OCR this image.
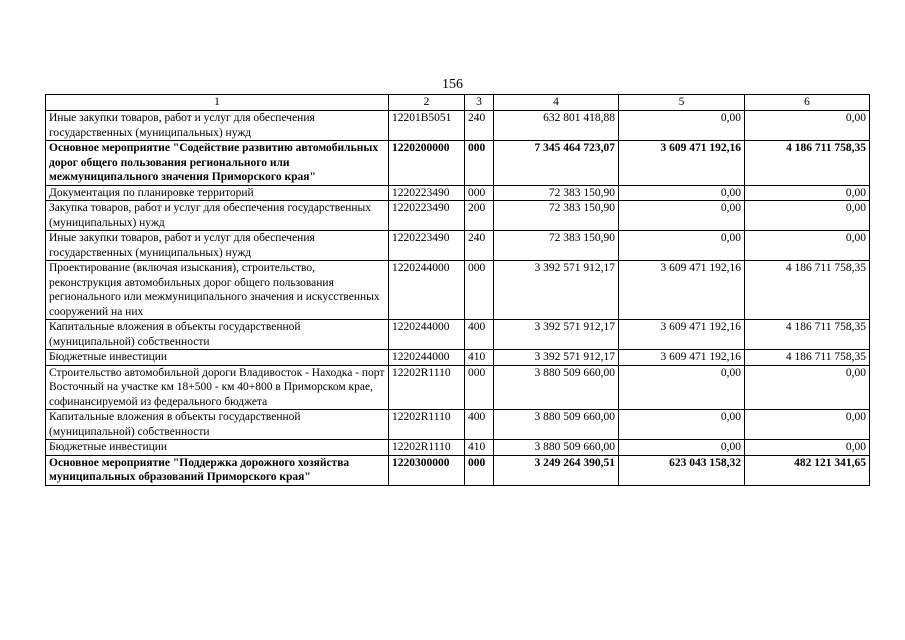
156
1	2	3	4	5	6
Иные закупки товаров, работ и услуг для обеспечения государственных (муниципальных) нужд	12201B5051	240	632 801 418,88	0,00	0,00
Основное мероприятие "Содействие развитию автомобильных дорог общего пользования регионального или межмуниципального значения Приморского края"	1220200000	000	7 345 464 723,07	3 609 471 192,16	4 186 711 758,35
Документация по планировке территорий	1220223490	000	72 383 150,90	0,00	0,00
Закупка товаров, работ и услуг для обеспечения государственных (муниципальных) нужд	1220223490	200	72 383 150,90	0,00	0,00
Иные закупки товаров, работ и услуг для обеспечения государственных (муниципальных) нужд	1220223490	240	72 383 150,90	0,00	0,00
Проектирование (включая изыскания), строительство, реконструкция автомобильных дорог общего пользования регионального или межмуниципального значения и искусственных сооружений на них	1220244000	000	3 392 571 912,17	3 609 471 192,16	4 186 711 758,35
Капитальные вложения в объекты государственной (муниципальной) собственности	1220244000	400	3 392 571 912,17	3 609 471 192,16	4 186 711 758,35
Бюджетные инвестиции	1220244000	410	3 392 571 912,17	3 609 471 192,16	4 186 711 758,35
Строительство автомобильной дороги Владивосток - Находка - порт Восточный на участке км 18+500 - км 40+800 в Приморском крае, софинансируемой из федерального бюджета	12202R1110	000	3 880 509 660,00	0,00	0,00
Капитальные вложения в объекты государственной (муниципальной) собственности	12202R1110	400	3 880 509 660,00	0,00	0,00
Бюджетные инвестиции	12202R1110	410	3 880 509 660,00	0,00	0,00
Основное мероприятие "Поддержка дорожного хозяйства муниципальных образований Приморского края"	1220300000	000	3 249 264 390,51	623 043 158,32	482 121 341,65
